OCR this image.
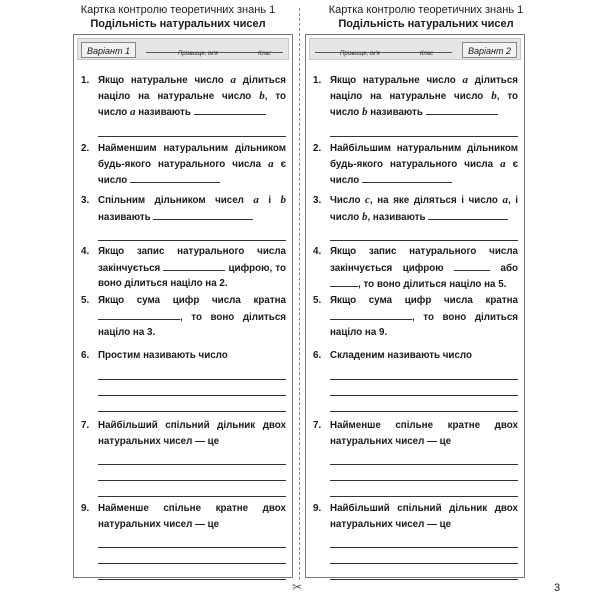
Картка контролю теоретичних знань 1
Подільність натуральних чисел
Картка контролю теоретичних знань 1
Подільність натуральних чисел
✂
Варіант 1	Прізвище, ім'я	Клас
1. Якщо натуральне число a ділиться націло на натуральне число b, то число a називають
2. Найменшим натуральним дільником будь-якого натурального числа a є число
3. Спільним дільником чисел a і b називають
4. Якщо запис натурального числа закінчується	цифрою, то воно ділиться націло на 2.
5. Якщо сума цифр числа кратна , то воно ділиться націло на 3.
6. Простим називають число
7. Найбільший спільний дільник двох натуральних чисел — це
9. Найменше спільне кратне двох натуральних чисел — це
Прізвище, ім'я	Клас	Варіант 2
1. Якщо натуральне число a ділиться націло на натуральне число b, то число b називають
2. Найбільшим натуральним дільником будь-якого натурального числа a є число
3. Число c, на яке діляться і число a, і число b, називають
4. Якщо запис натурального числа закінчується цифрою	або , то воно ділиться націло на 5.
5. Якщо сума цифр числа кратна , то воно ділиться націло на 9.
6. Складеним називають число
7. Найменше спільне кратне двох натуральних чисел — це
9. Найбільший спільний дільник двох натуральних чисел — це
3
